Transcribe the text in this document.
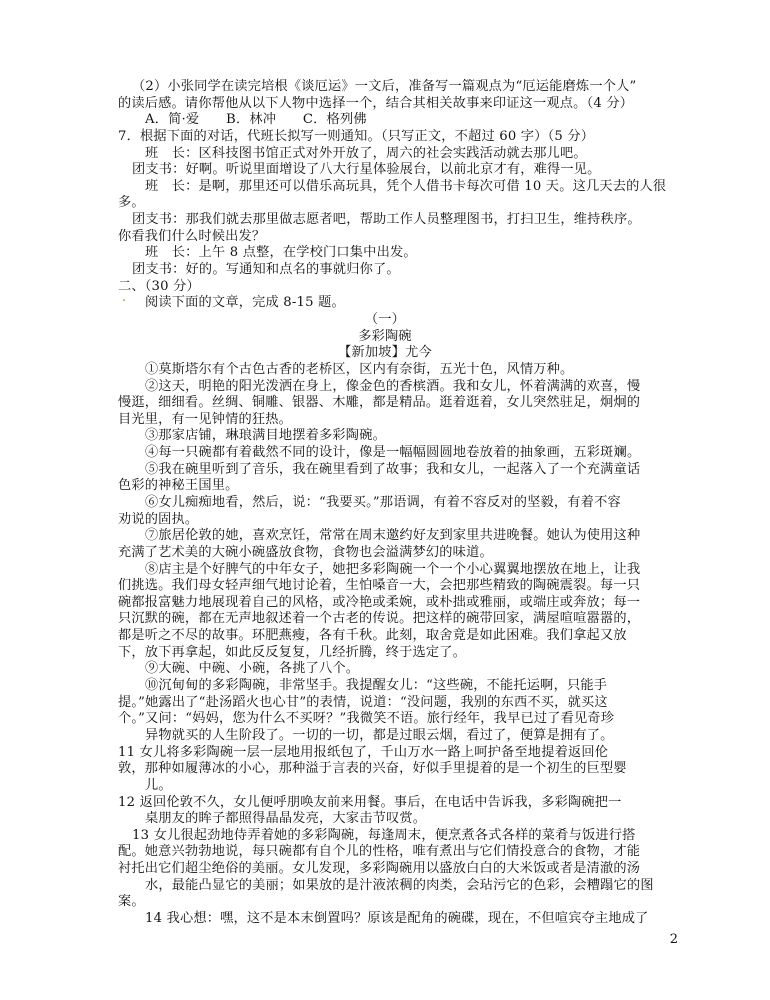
.
（2）小张同学在读完培根《谈厄运》一文后，准备写一篇观点为“厄运能磨炼一个人”
的读后感。请你帮他从以下人物中选择一个，结合其相关故事来印证这一观点。（4 分）
A．简·爱　　B．林冲　　C．格列佛
7．根据下面的对话，代班长拟写一则通知。（只写正文，不超过 60 字）（5 分）
班　长：区科技图书馆正式对外开放了，周六的社会实践活动就去那儿吧。
团支书：好啊。听说里面增设了八大行星体验展台，以前北京才有，难得一见。
班　长：是啊，那里还可以借乐高玩具，凭个人借书卡每次可借 10 天。这几天去的人很
多。
团支书：那我们就去那里做志愿者吧，帮助工作人员整理图书，打扫卫生，维持秩序。
你看我们什么时候出发？
班　长：上午 8 点整，在学校门口集中出发。
团支书：好的。写通知和点名的事就归你了。
二、（30 分）
阅读下面的文章，完成 8-15 题。
（一）
多彩陶碗
【新加坡】尤今
①莫斯塔尔有个古色古香的老桥区，区内有奈街，五光十色，风情万种。
②这天，明艳的阳光泼洒在身上，像金色的香槟酒。我和女儿，怀着满满的欢喜，慢
慢逛，细细看。丝绸、铜雕、银器、木雕，都是精品。逛着逛着，女儿突然驻足，炯炯的
目光里，有一见钟情的狂热。
③那家店铺，琳琅满目地摆着多彩陶碗。
④每一只碗都有着截然不同的设计，像是一幅幅圆圆地卷放着的抽象画，五彩斑斓。
⑤我在碗里听到了音乐，我在碗里看到了故事；我和女儿，一起落入了一个充满童话
色彩的神秘王国里。
⑥女儿痴痴地看，然后，说：“我要买。”那语调，有着不容反对的坚毅，有着不容
劝说的固执。
⑦旅居伦敦的她，喜欢烹饪，常常在周末邀约好友到家里共进晚餐。她认为使用这种
充满了艺术美的大碗小碗盛放食物，食物也会溢满梦幻的味道。
⑧店主是个好脾气的中年女子，她把多彩陶碗一个一个小心翼翼地摆放在地上，让我
们挑选。我们母女轻声细气地讨论着，生怕嗓音一大，会把那些精致的陶碗震裂。每一只
碗都报富魅力地展现着自己的风格，或冷艳或柔婉，或朴拙或雅丽，或端庄或奔放；每一
只沉默的碗，都在无声地叙述着一个古老的传说。把这样的碗带回家，满屋喧喧嚣嚣的，
都是听之不尽的故事。环肥燕瘦，各有千秋。此刻，取舍竟是如此困难。我们拿起又放
下，放下再拿起，如此反反复复，几经折腾，终于选定了。
⑨大碗、中碗、小碗，各挑了八个。
⑩沉甸甸的多彩陶碗，非常坚手。我提醒女儿：“这些碗，不能托运啊，只能手
提。”她露出了“赴汤蹈火也心甘”的表情，说道：“没问题，我别的东西不买，就买这
个。”又问：“妈妈，您为什么不买呀？”我微笑不语。旅行经年，我早已过了看见奇珍
异物就买的人生阶段了。一切的一切，都是过眼云烟，看过了，便算是拥有了。
11 女儿将多彩陶碗一层一层地用报纸包了，千山万水一路上呵护备至地提着返回伦
敦，那种如履薄冰的小心，那种溢于言表的兴奋，好似手里提着的是一个初生的巨型婴
儿。
12 返回伦敦不久，女儿便呼朋唤友前来用餐。事后，在电话中告诉我，多彩陶碗把一
桌朋友的眸子都照得晶晶发亮，大家击节叹赏。
13 女儿很起劲地侍弄着她的多彩陶碗，每逢周末，便烹煮各式各样的菜肴与饭进行搭
配。她意兴勃勃地说，每只碗都有自个儿的性格，唯有煮出与它们情投意合的食物，才能
衬托出它们超尘绝俗的美丽。女儿发现，多彩陶碗用以盛放白白的大米饭或者是清澈的汤
水，最能凸显它的美丽；如果放的是汁液浓稠的肉类，会玷污它的色彩，会糟蹋它的图
案。
14 我心想：嘿，这不是本末倒置吗？原该是配角的碗碟，现在，不但喧宾夺主地成了
2
